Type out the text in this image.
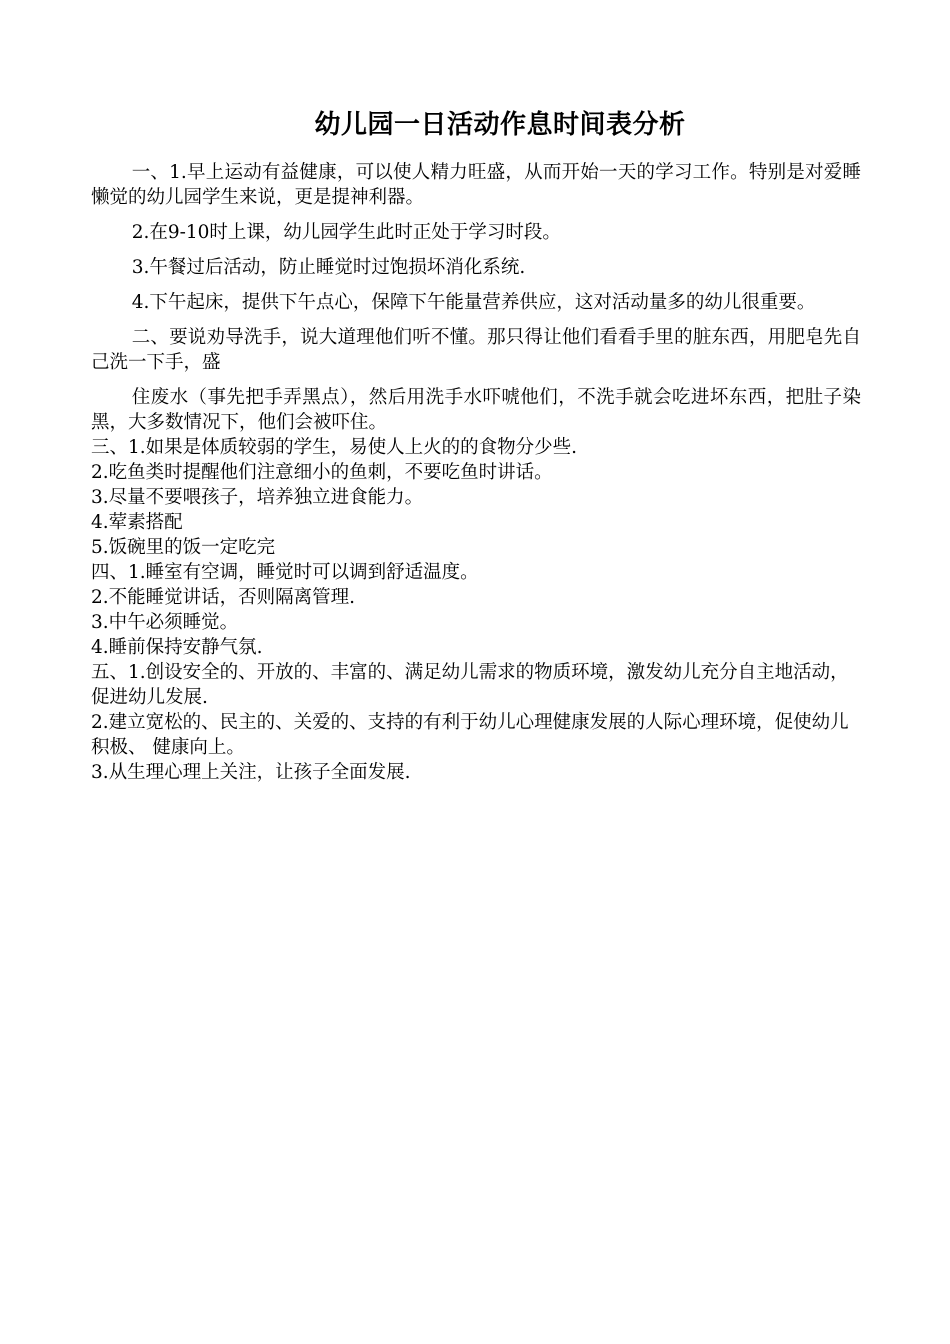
幼儿园一日活动作息时间表分析

一、1.早上运动有益健康，可以使人精力旺盛，从而开始一天的学习工作。特别是对爱睡懒觉的幼儿园学生来说，更是提神利器。

2.在9-10时上课，幼儿园学生此时正处于学习时段。

3.午餐过后活动，防止睡觉时过饱损坏消化系统.

4.下午起床，提供下午点心，保障下午能量营养供应，这对活动量多的幼儿很重要。

二、要说劝导洗手，说大道理他们听不懂。那只得让他们看看手里的脏东西，用肥皂先自己洗一下手，盛

住废水（事先把手弄黑点），然后用洗手水吓唬他们，不洗手就会吃进坏东西，把肚子染黑，大多数情况下，他们会被吓住。

三、1.如果是体质较弱的学生，易使人上火的的食物分少些.

2.吃鱼类时提醒他们注意细小的鱼刺，不要吃鱼时讲话。

3.尽量不要喂孩子，培养独立进食能力。

4.荤素搭配

5.饭碗里的饭一定吃完

四、1.睡室有空调，睡觉时可以调到舒适温度。

2.不能睡觉讲话，否则隔离管理.

3.中午必须睡觉。

4.睡前保持安静气氛.

五、1.创设安全的、开放的、丰富的、满足幼儿需求的物质环境，激发幼儿充分自主地活动，促进幼儿发展.

2.建立宽松的、民主的、关爱的、支持的有利于幼儿心理健康发展的人际心理环境，促使幼儿积极、 健康向上。

3.从生理心理上关注，让孩子全面发展.
